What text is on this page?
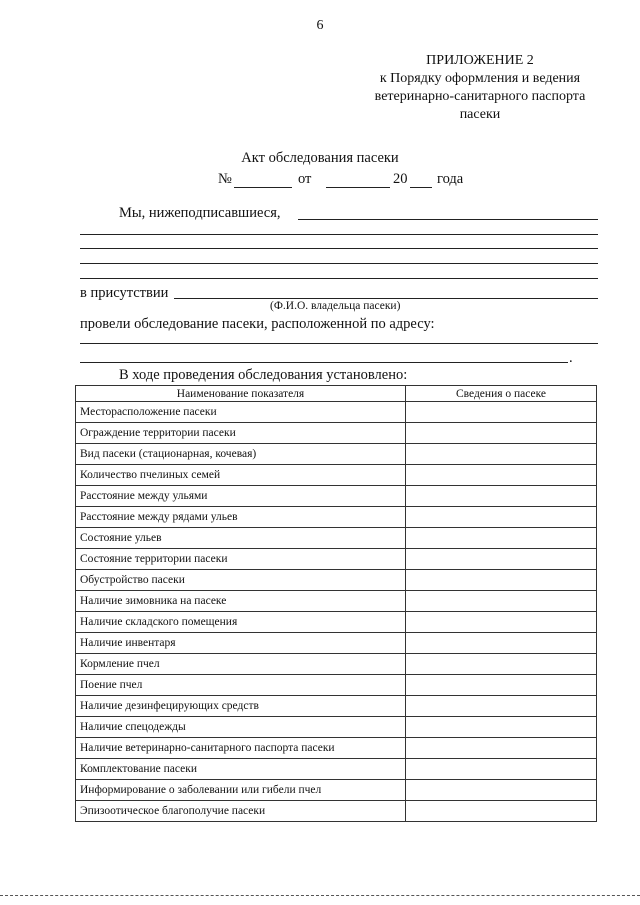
6
ПРИЛОЖЕНИЕ 2
к Порядку оформления и ведения
ветеринарно-санитарного паспорта
пасеки
Акт обследования пасеки
№	от	20 года
Мы, нижеподписавшиеся,
в присутствии
(Ф.И.О. владельца пасеки)
провели обследование пасеки, расположенной по адресу:
.
В ходе проведения обследования установлено:
Наименование показателя	Сведения о пасеке
Месторасположение пасеки	
Ограждение территории пасеки	
Вид пасеки (стационарная, кочевая)	
Количество пчелиных семей	
Расстояние между ульями	
Расстояние между рядами ульев	
Состояние ульев	
Состояние территории пасеки	
Обустройство пасеки	
Наличие зимовника на пасеке	
Наличие складского помещения	
Наличие инвентаря	
Кормление пчел	
Поение пчел	
Наличие дезинфецирующих средств	
Наличие спецодежды	
Наличие ветеринарно-санитарного паспорта пасеки	
Комплектование пасеки	
Информирование о заболевании или гибели пчел	
Эпизоотическое благополучие пасеки	
